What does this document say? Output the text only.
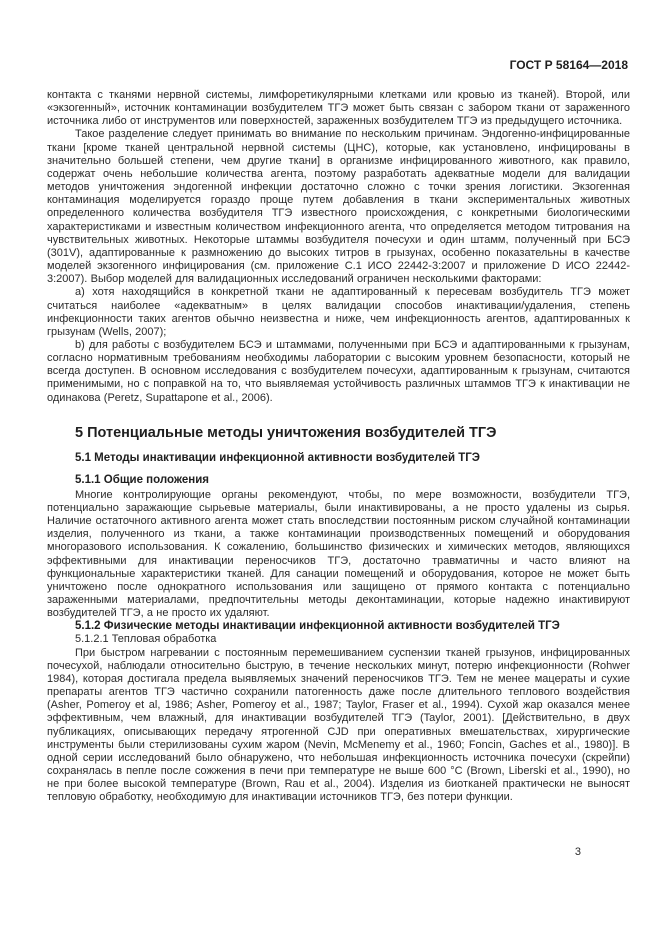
ГОСТ Р 58164—2018

контакта с тканями нервной системы, лимфоретикулярными клетками или кровью из тканей). Второй, или «экзогенный», источник контаминации возбудителем ТГЭ может быть связан с забором ткани от зараженного источника либо от инструментов или поверхностей, зараженных возбудителем ТГЭ из предыдущего источника.

Такое разделение следует принимать во внимание по нескольким причинам. Эндогенно-инфицированные ткани [кроме тканей центральной нервной системы (ЦНС), которые, как установлено, инфицированы в значительно большей степени, чем другие ткани] в организме инфицированного животного, как правило, содержат очень небольшие количества агента, поэтому разработать адекватные модели для валидации методов уничтожения эндогенной инфекции достаточно сложно с точки зрения логистики. Экзогенная контаминация моделируется гораздо проще путем добавления в ткани экспериментальных животных определенного количества возбудителя ТГЭ известного происхождения, с конкретными биологическими характеристиками и известным количеством инфекционного агента, что определяется методом титрования на чувствительных животных. Некоторые штаммы возбудителя почесухи и один штамм, полученный при БСЭ (301V), адаптированные к размножению до высоких титров в грызунах, особенно показательны в качестве моделей экзогенного инфицирования (см. приложение С.1 ИСО 22442-3:2007 и приложение D ИСО 22442-3:2007). Выбор моделей для валидационных исследований ограничен несколькими факторами:

а) хотя находящийся в конкретной ткани не адаптированный к пересевам возбудитель ТГЭ может считаться наиболее «адекватным» в целях валидации способов инактивации/удаления, степень инфекционности таких агентов обычно неизвестна и ниже, чем инфекционность агентов, адаптированных к грызунам (Wells, 2007);

b) для работы с возбудителем БСЭ и штаммами, полученными при БСЭ и адаптированными к грызунам, согласно нормативным требованиям необходимы лаборатории с высоким уровнем безопасности, который не всегда доступен. В основном исследования с возбудителем почесухи, адаптированным к грызунам, считаются применимыми, но с поправкой на то, что выявляемая устойчивость различных штаммов ТГЭ к инактивации не одинакова (Peretz, Supattapone et al., 2006).

5 Потенциальные методы уничтожения возбудителей ТГЭ
5.1 Методы инактивации инфекционной активности возбудителей ТГЭ
5.1.1 Общие положения

Многие контролирующие органы рекомендуют, чтобы, по мере возможности, возбудители ТГЭ, потенциально заражающие сырьевые материалы, были инактивированы, а не просто удалены из сырья. Наличие остаточного активного агента может стать впоследствии постоянным риском случайной контаминации изделия, полученного из ткани, а также контаминации производственных помещений и оборудования многоразового использования. К сожалению, большинство физических и химических методов, являющихся эффективными для инактивации переносчиков ТГЭ, достаточно травматичны и часто влияют на функциональные характеристики тканей. Для санации помещений и оборудования, которое не может быть уничтожено после однократного использования или защищено от прямого контакта с потенциально зараженными материалами, предпочтительны методы деконтаминации, которые надежно инактивируют возбудителей ТГЭ, а не просто их удаляют.

5.1.2 Физические методы инактивации инфекционной активности возбудителей ТГЭ
5.1.2.1 Тепловая обработка

При быстром нагревании с постоянным перемешиванием суспензии тканей грызунов, инфицированных почесухой, наблюдали относительно быструю, в течение нескольких минут, потерю инфекционности (Rohwer 1984), которая достигала предела выявляемых значений переносчиков ТГЭ. Тем не менее мацераты и сухие препараты агентов ТГЭ частично сохранили патогенность даже после длительного теплового воздействия (Asher, Pomeroy et al, 1986; Asher, Pomeroy et al., 1987; Taylor, Fraser et al., 1994). Сухой жар оказался менее эффективным, чем влажный, для инактивации возбудителей ТГЭ (Taylor, 2001). [Действительно, в двух публикациях, описывающих передачу ятрогенной CJD при оперативных вмешательствах, хирургические инструменты были стерилизованы сухим жаром (Nevin, McMenemy et al., 1960; Foncin, Gaches et al., 1980)]. В одной серии исследований было обнаружено, что небольшая инфекционность источника почесухи (скрейпи) сохранялась в пепле после сожжения в печи при температуре не выше 600 °C (Brown, Liberski et al., 1990), но не при более высокой температуре (Brown, Rau et al., 2004). Изделия из биотканей практически не выносят тепловую обработку, необходимую для инактивации источников ТГЭ, без потери функции.

3
